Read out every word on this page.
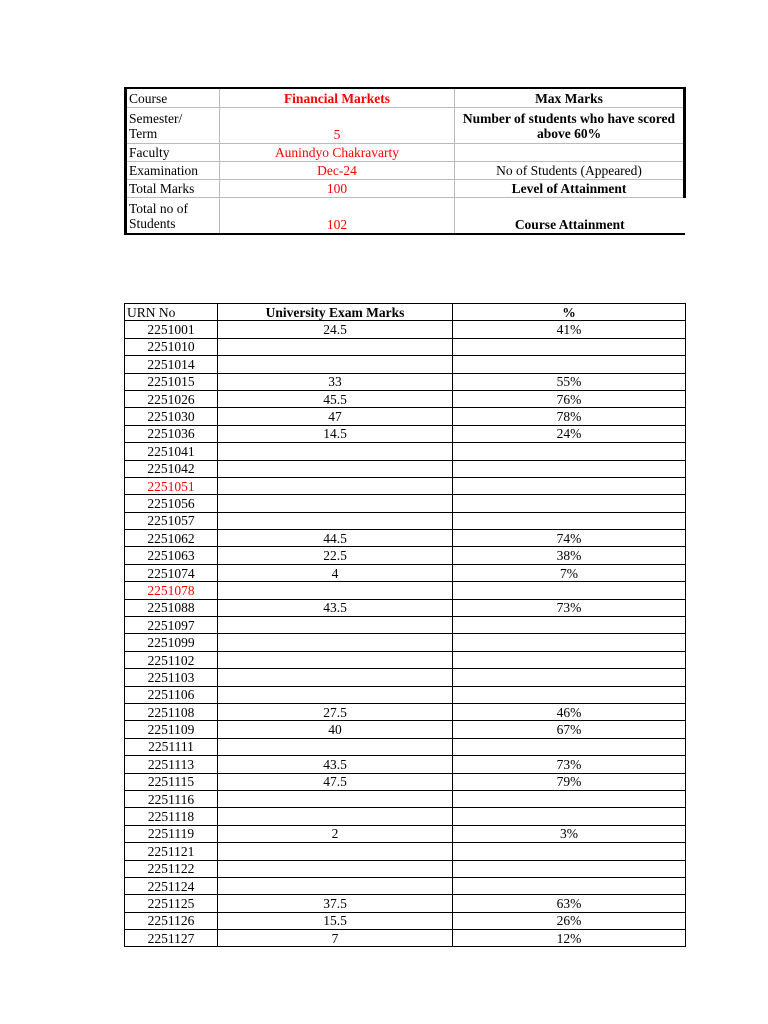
Course	Financial Markets	Max Marks
Semester/
Term	5	Number of students who have scored above 60%
Faculty	Aunindyo Chakravarty	
Examination	Dec-24	No of Students (Appeared)
Total Marks	100	Level of Attainment
Total no of Students	102	Course Attainment
URN No	University Exam Marks	%
2251001	24.5	41%
2251010		
2251014		
2251015	33	55%
2251026	45.5	76%
2251030	47	78%
2251036	14.5	24%
2251041		
2251042		
2251051		
2251056		
2251057		
2251062	44.5	74%
2251063	22.5	38%
2251074	4	7%
2251078		
2251088	43.5	73%
2251097		
2251099		
2251102		
2251103		
2251106		
2251108	27.5	46%
2251109	40	67%
2251111		
2251113	43.5	73%
2251115	47.5	79%
2251116		
2251118		
2251119	2	3%
2251121		
2251122		
2251124		
2251125	37.5	63%
2251126	15.5	26%
2251127	7	12%
